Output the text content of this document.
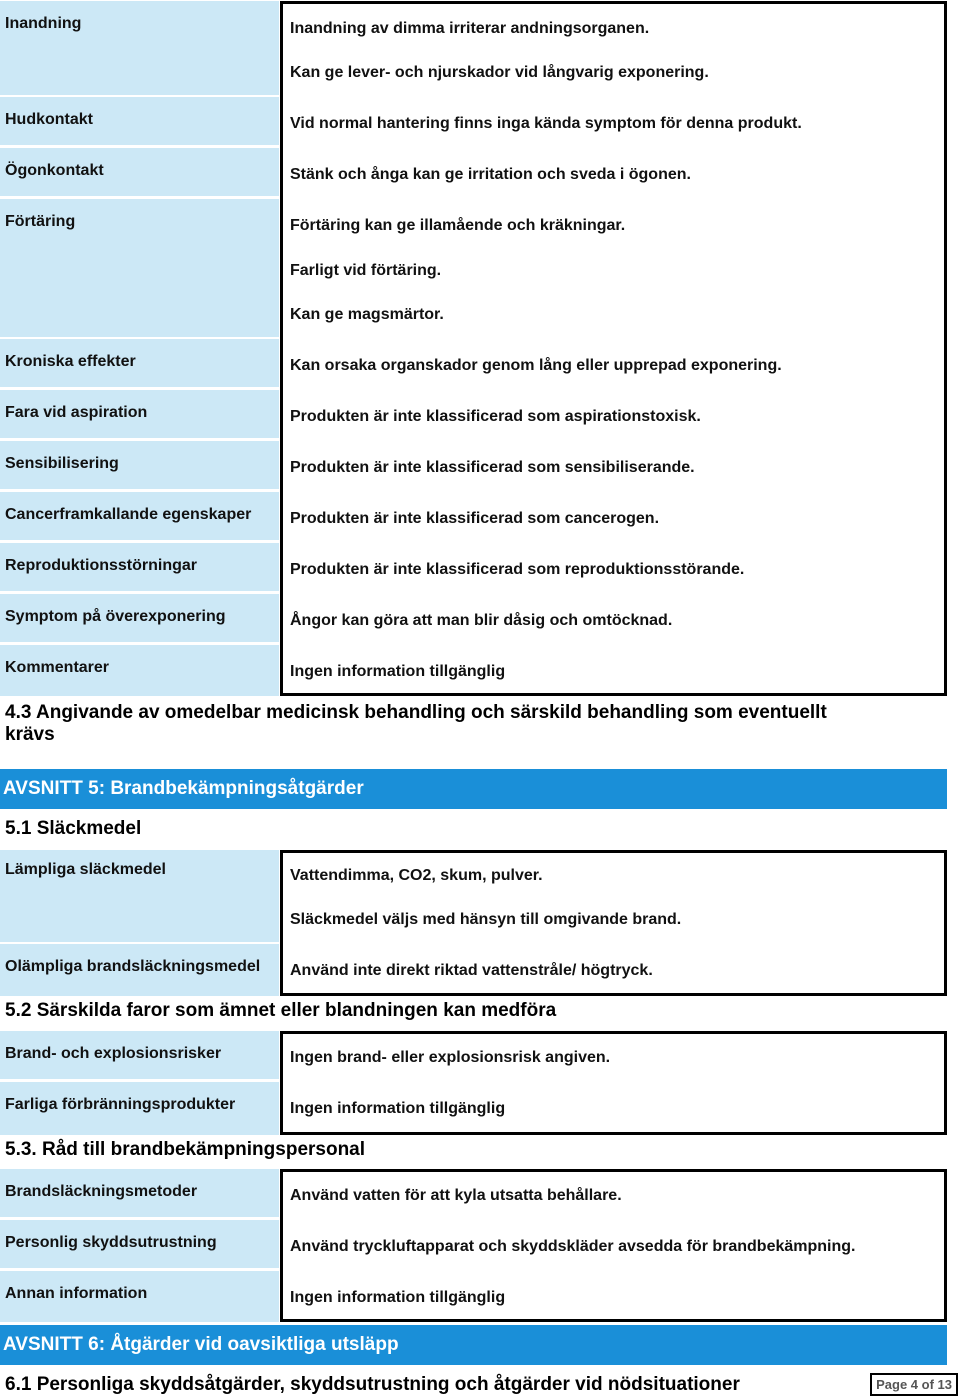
Inandning	Inandning av dimma irriterar andningsorganen.
Kan ge lever- och njurskador vid långvarig exponering.
Hudkontakt	Vid normal hantering finns inga kända symptom för denna produkt.
Ögonkontakt	Stänk och ånga kan ge irritation och sveda i ögonen.
Förtäring	Förtäring kan ge illamående och kräkningar.
Farligt vid förtäring.
Kan ge magsmärtor.
Kroniska effekter	Kan orsaka organskador genom lång eller upprepad exponering.
Fara vid aspiration	Produkten är inte klassificerad som aspirationstoxisk.
Sensibilisering	Produkten är inte klassificerad som sensibiliserande.
Cancerframkallande egenskaper Produkten är inte klassificerad som cancerogen.
Reproduktionsstörningar	Produkten är inte klassificerad som reproduktionsstörande.
Symptom på överexponering	Ångor kan göra att man blir dåsig och omtöcknad.
Kommentarer	Ingen information tillgänglig
4.3 Angivande av omedelbar medicinsk behandling och särskild behandling som eventuellt
krävs
AVSNITT 5: Brandbekämpningsåtgärder
5.1 Släckmedel
Lämpliga släckmedel	Vattendimma, CO2, skum, pulver.
Släckmedel väljs med hänsyn till omgivande brand.
Olämpliga brandsläckningsmedel Använd inte direkt riktad vattenstråle/ högtryck.
5.2 Särskilda faror som ämnet eller blandningen kan medföra
Brand- och explosionsrisker	Ingen brand- eller explosionsrisk angiven.
Farliga förbränningsprodukter	Ingen information tillgänglig
5.3. Råd till brandbekämpningspersonal
Brandsläckningsmetoder	Använd vatten för att kyla utsatta behållare.
Personlig skyddsutrustning	Använd tryckluftapparat och skyddskläder avsedda för brandbekämpning.
Annan information	Ingen information tillgänglig
AVSNITT 6: Åtgärder vid oavsiktliga utsläpp
6.1 Personliga skyddsåtgärder, skyddsutrustning och åtgärder vid nödsituationer	Page 4 of 13
